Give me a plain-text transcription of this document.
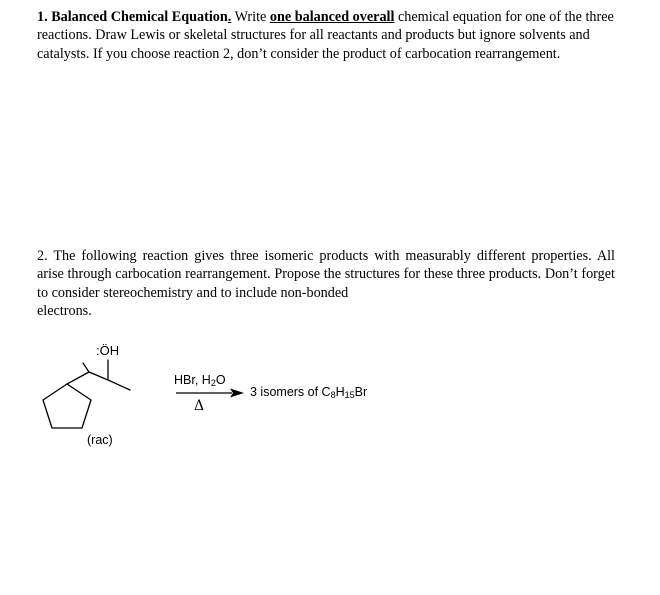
1. Balanced Chemical Equation. Write one balanced overall chemical equation for one of the three reactions. Draw Lewis or skeletal structures for all reactants and products but ignore solvents and catalysts. If you choose reaction 2, don’t consider the product of carbocation rearrangement.
2. The following reaction gives three isomeric products with measurably different properties. All arise through carbocation rearrangement. Propose the structures for these three products. Don’t forget to consider stereochemistry and to include non-bonded
electrons.
:ÖH
HBr, $H_2O$
Δ
3 isomers of $C_8H_{15}Br$
(rac)
